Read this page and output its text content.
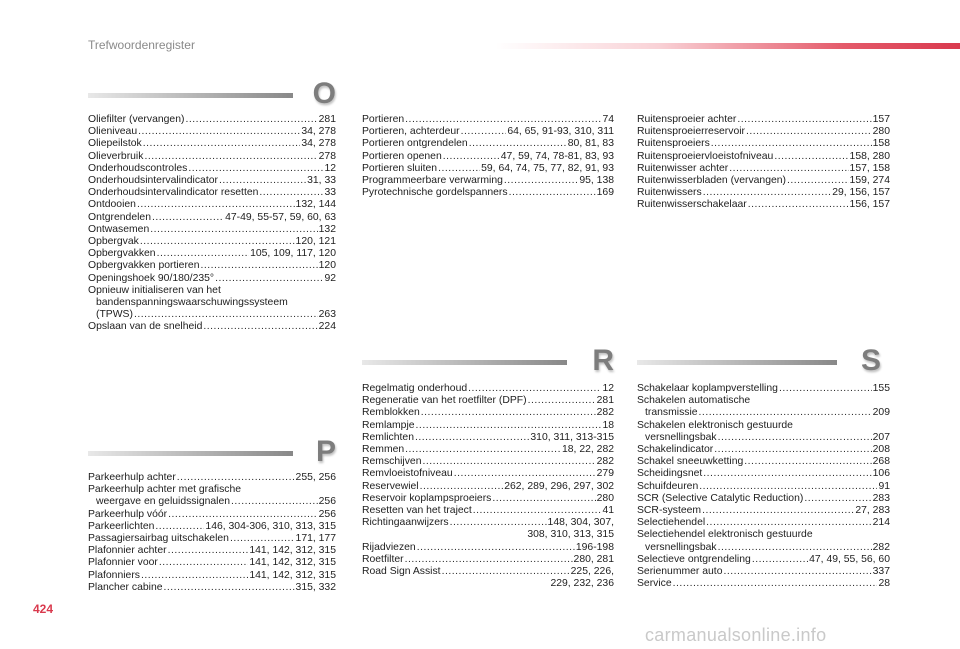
Trefwoordenregister
O
P
R	S
Oliefilter (vervangen) .....	281
Olieniveau .....	34, 278
Oliepeilstok .....	34, 278
Olieverbruik .....	278
Onderhoudscontroles .....	12
Onderhoudsintervalindicator .....	31, 33
Onderhoudsintervalindicator resetten .....	33
Ontdooien .....	132, 144
Ontgrendelen .....	47-49, 55-57, 59, 60, 63
Ontwasemen .....	132
Opbergvak .....	120, 121
Opbergvakken .....	105, 109, 117, 120
Opbergvakken portieren .....	120
Openingshoek 90/180/235° .....	92
Opnieuw initialiseren van het
bandenspanningswaarschuwingssysteem
(TPWS) .....	263
Opslaan van de snelheid .....	224
Parkeerhulp achter .....	255, 256
Parkeerhulp achter met grafische
weergave en geluidssignalen .....	256
Parkeerhulp vóór .....	256
Parkeerlichten .....	146, 304-306, 310, 313, 315
Passagiersairbag uitschakelen .....	171, 177
Plafonnier achter .....	141, 142, 312, 315
Plafonnier voor .....	141, 142, 312, 315
Plafonniers .....	141, 142, 312, 315
Plancher cabine .....	315, 332
Portieren .....	74
Portieren, achterdeur .....	64, 65, 91-93, 310, 311
Portieren ontgrendelen .....	80, 81, 83
Portieren openen .....	47, 59, 74, 78-81, 83, 93
Portieren sluiten .....	59, 64, 74, 75, 77, 82, 91, 93
Programmeerbare verwarming .....	95, 138
Pyrotechnische gordelspanners .....	169
Regelmatig onderhoud .....	12
Regeneratie van het roetfilter (DPF) .....	281
Remblokken .....	282
Remlampje .....	18
Remlichten .....	310, 311, 313-315
Remmen .....	18, 22, 282
Remschijven .....	282
Remvloeistofniveau .....	279
Reservewiel .....	262, 289, 296, 297, 302
Reservoir koplampsproeiers .....	280
Resetten van het traject .....	41
Richtingaanwijzers .....	148, 304, 307,
308, 310, 313, 315
Rijadviezen .....	196-198
Roetfilter .....	280, 281
Road Sign Assist .....	225, 226,
229, 232, 236
Ruitensproeier achter .....	157
Ruitensproeierreservoir .....	280
Ruitensproeiers .....	158
Ruitensproeiervloeistofniveau .....	158, 280
Ruitenwisser achter .....	157, 158
Ruitenwisserbladen (vervangen) .....	159, 274
Ruitenwissers .....	29, 156, 157
Ruitenwisserschakelaar .....	156, 157
Schakelaar koplampverstelling .....	155
Schakelen automatische
transmissie .....	209
Schakelen elektronisch gestuurde
versnellingsbak .....	207
Schakelindicator .....	208
Schakel sneeuwketting .....	268
Scheidingsnet .....	106
Schuifdeuren .....	91
SCR (Selective Catalytic Reduction) .....	283
SCR-systeem .....	27, 283
Selectiehendel .....	214
Selectiehendel elektronisch gestuurde
versnellingsbak .....	282
Selectieve ontgrendeling .....	47, 49, 55, 56, 60
Serienummer auto .....	337
Service .....	28
424
carmanualsonline.info
